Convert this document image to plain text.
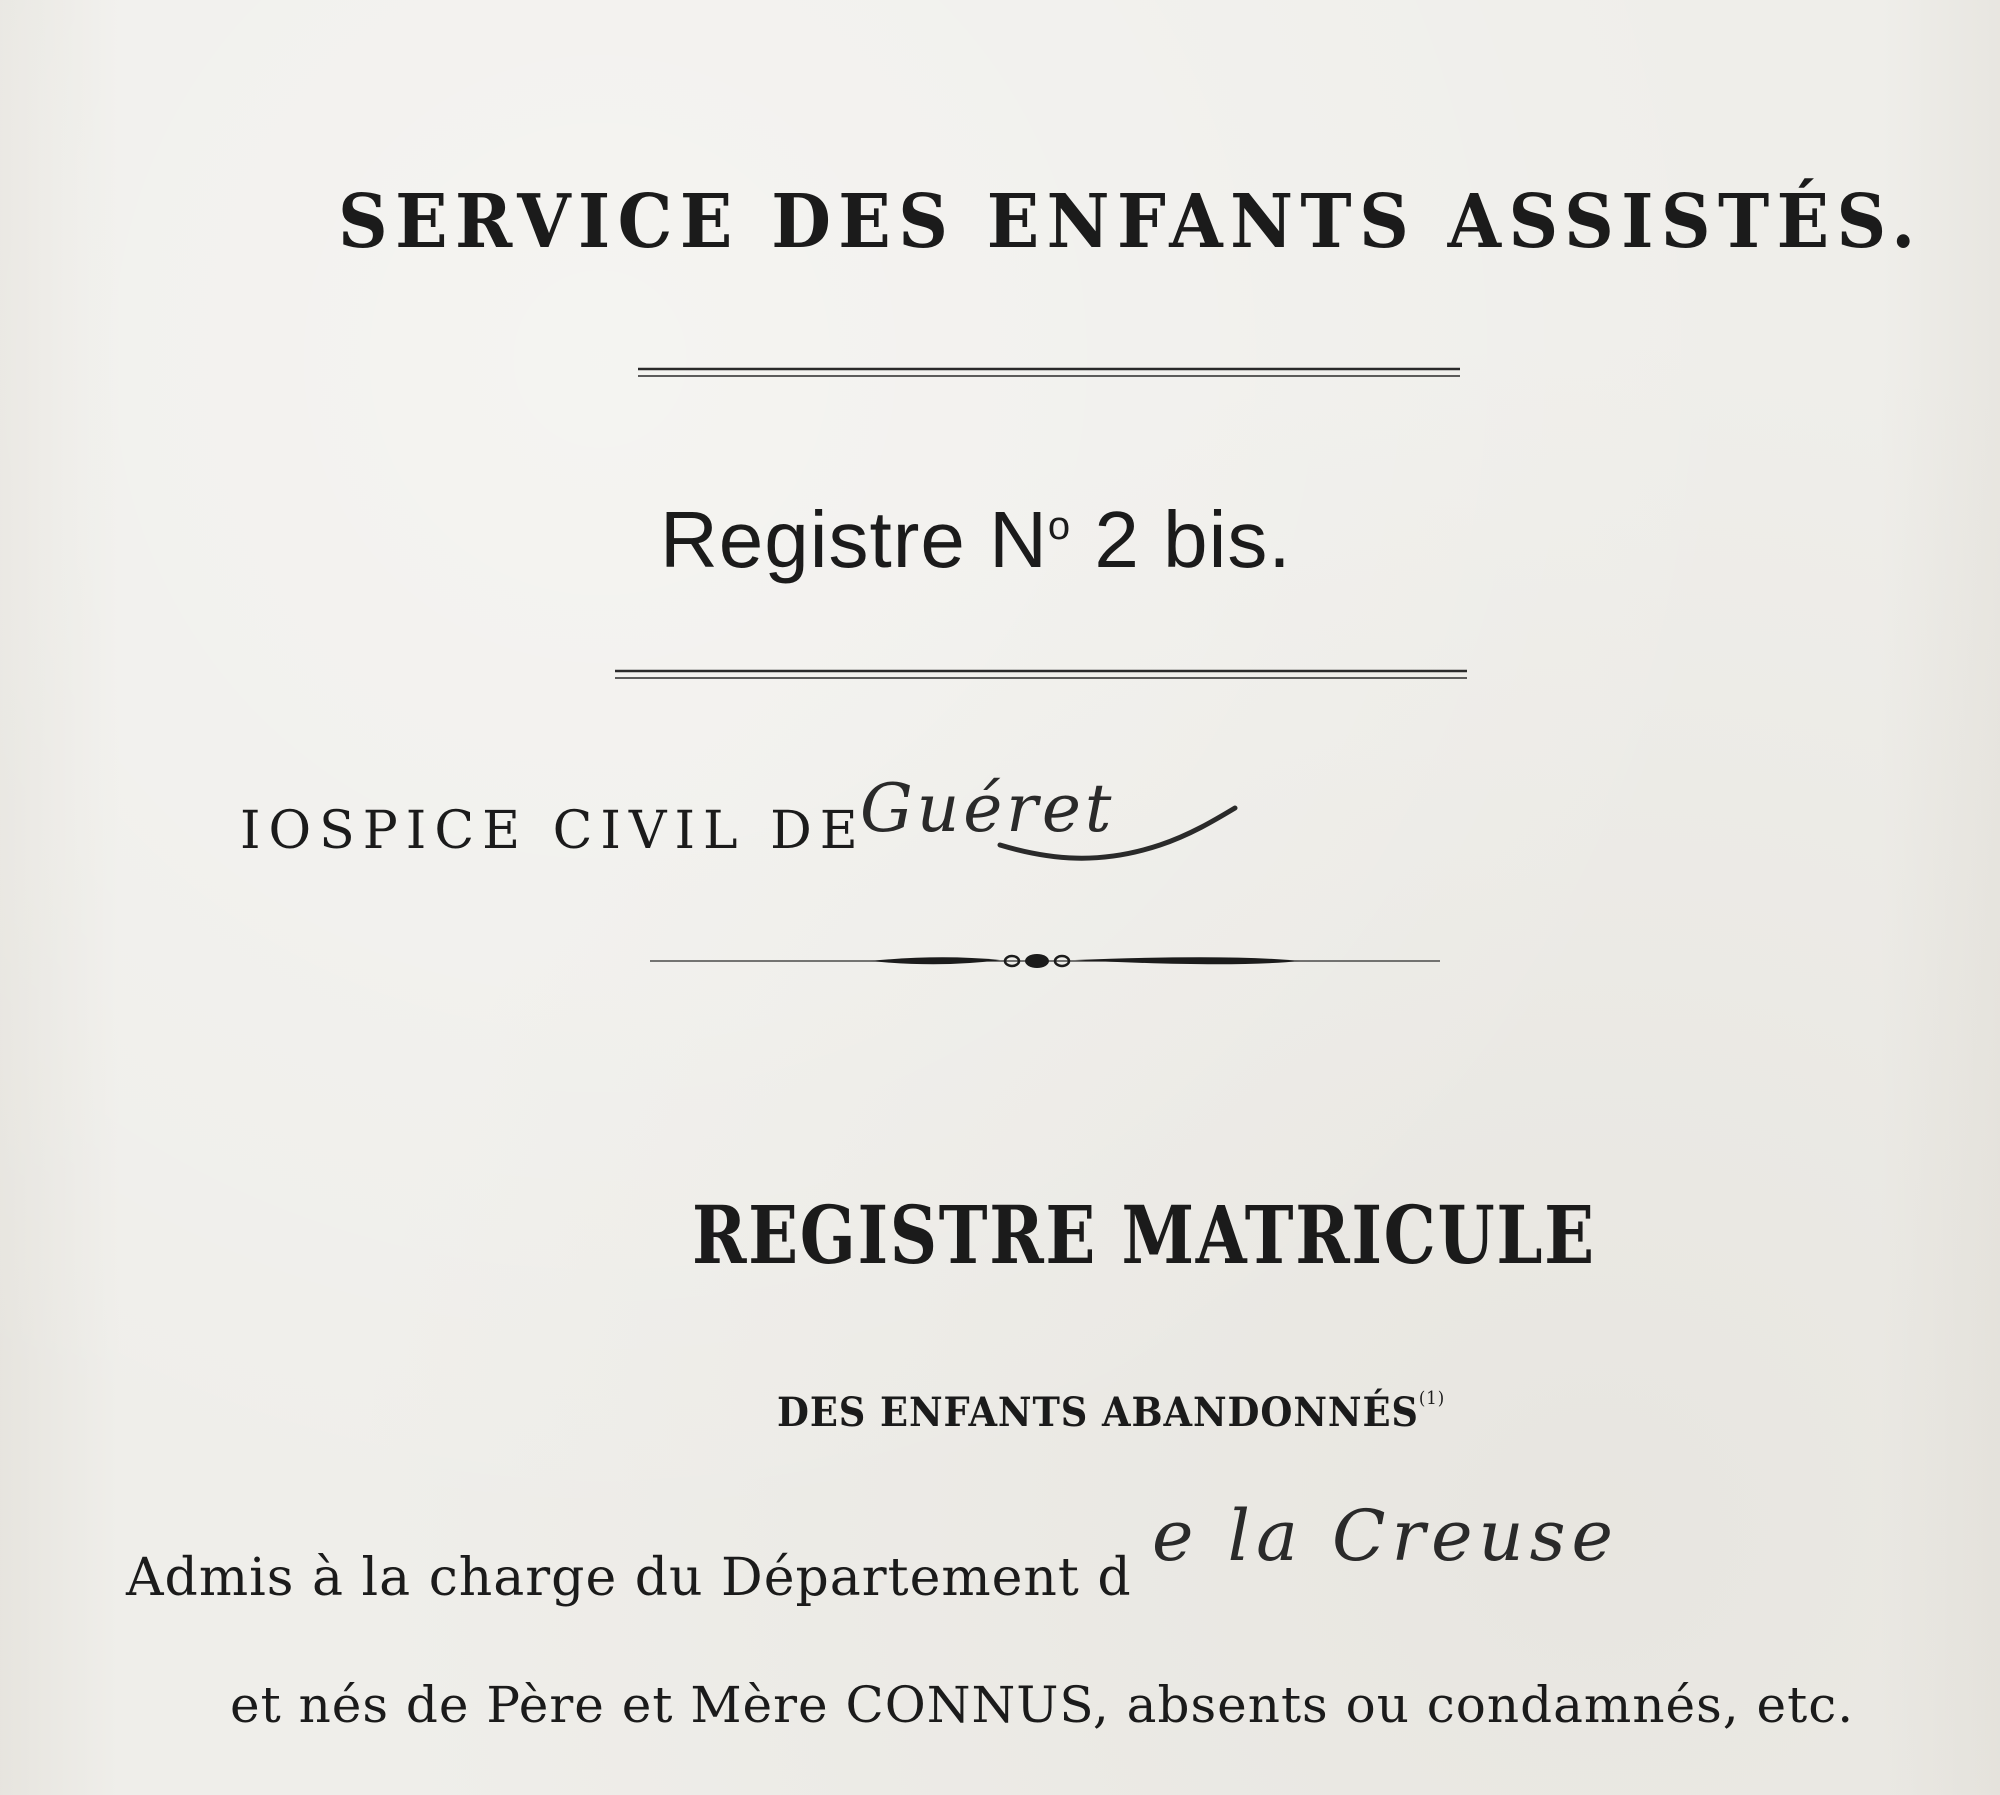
SERVICE DES ENFANTS ASSISTÉS.
Registre $N^o$ 2 bis.
IOSPICE CIVIL DE
Guéret
REGISTRE MATRICULE
DES ENFANTS ABANDONNÉS$^{(1)}$
Admis à la charge du Département d
e la Creuse
et nés de Père et Mère CONNUS, absents ou condamnés, etc.
